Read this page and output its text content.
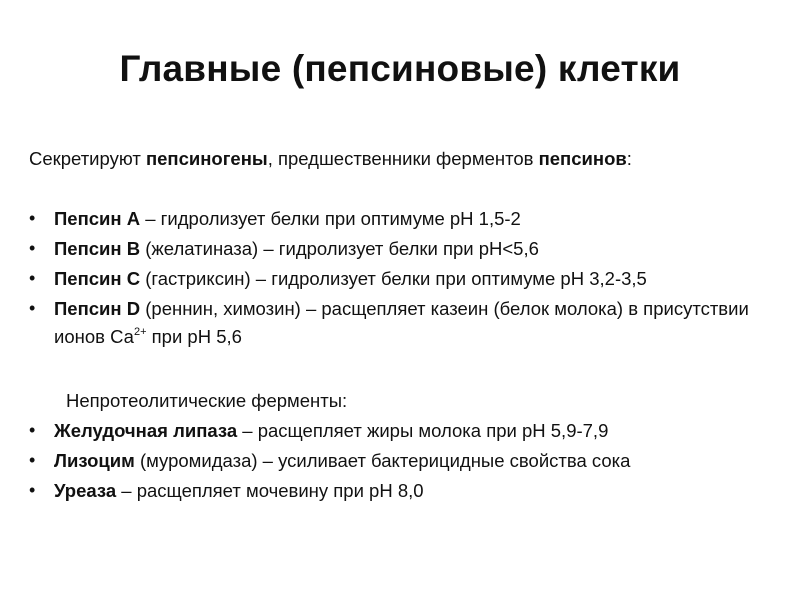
Главные (пепсиновые) клетки

Секретируют пепсиногены, предшественники ферментов пепсинов:

• Пепсин А – гидролизует белки при оптимуме рН 1,5-2
• Пепсин В (желатиназа) – гидролизует белки при рН<5,6
• Пепсин С (гастриксин) – гидролизует белки при оптимуме рН 3,2-3,5
• Пепсин D (реннин, химозин) – расщепляет казеин (белок молока) в присутствии ионов $Са^{2+}$ при рН 5,6

Непротеолитические ферменты:

• Желудочная липаза – расщепляет жиры молока при рН 5,9-7,9
• Лизоцим (муромидаза) – усиливает бактерицидные свойства сока
• Уреаза – расщепляет мочевину при рН 8,0
